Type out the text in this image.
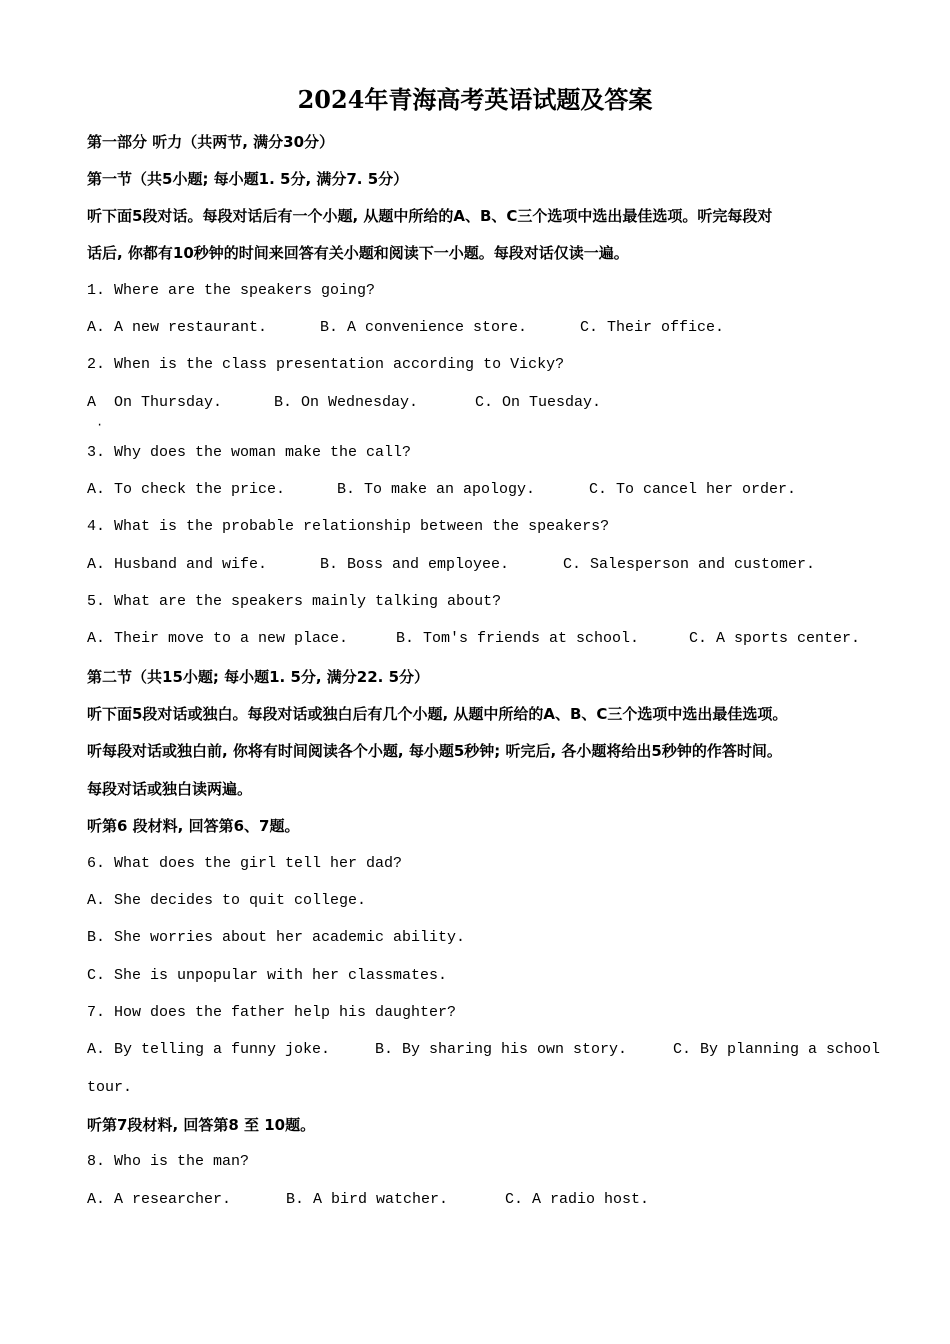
2024年青海高考英语试题及答案
第一部分 听力（共两节, 满分30分）
第一节（共5小题; 每小题1. 5分, 满分7. 5分）
听下面5段对话。每段对话后有一个小题, 从题中所给的A、B、C三个选项中选出最佳选项。听完每段对
话后, 你都有10秒钟的时间来回答有关小题和阅读下一小题。每段对话仅读一遍。
1. Where are the speakers going?
A. A new restaurant.	B. A convenience store.	C. Their office.
2. When is the class presentation according to Vicky?
A  On Thursday.	B. On Wednesday.	C. On Tuesday.
·
3. Why does the woman make the call?
A. To check the price.	B. To make an apology.	C. To cancel her order.
4. What is the probable relationship between the speakers?
A. Husband and wife.	B. Boss and employee.	C. Salesperson and customer.
5. What are the speakers mainly talking about?
A. Their move to a new place.	B. Tom's friends at school.	C. A sports center.
第二节（共15小题; 每小题1. 5分, 满分22. 5分）
听下面5段对话或独白。每段对话或独白后有几个小题, 从题中所给的A、B、C三个选项中选出最佳选项。
听每段对话或独白前, 你将有时间阅读各个小题, 每小题5秒钟; 听完后, 各小题将给出5秒钟的作答时间。
每段对话或独白读两遍。
听第6 段材料, 回答第6、7题。
6. What does the girl tell her dad?
A. She decides to quit college.
B. She worries about her academic ability.
C. She is unpopular with her classmates.
7. How does the father help his daughter?
A. By telling a funny joke.	B. By sharing his own story.	C. By planning a school
tour.
听第7段材料, 回答第8 至 10题。
8. Who is the man?
A. A researcher.	B. A bird watcher.	C. A radio host.
